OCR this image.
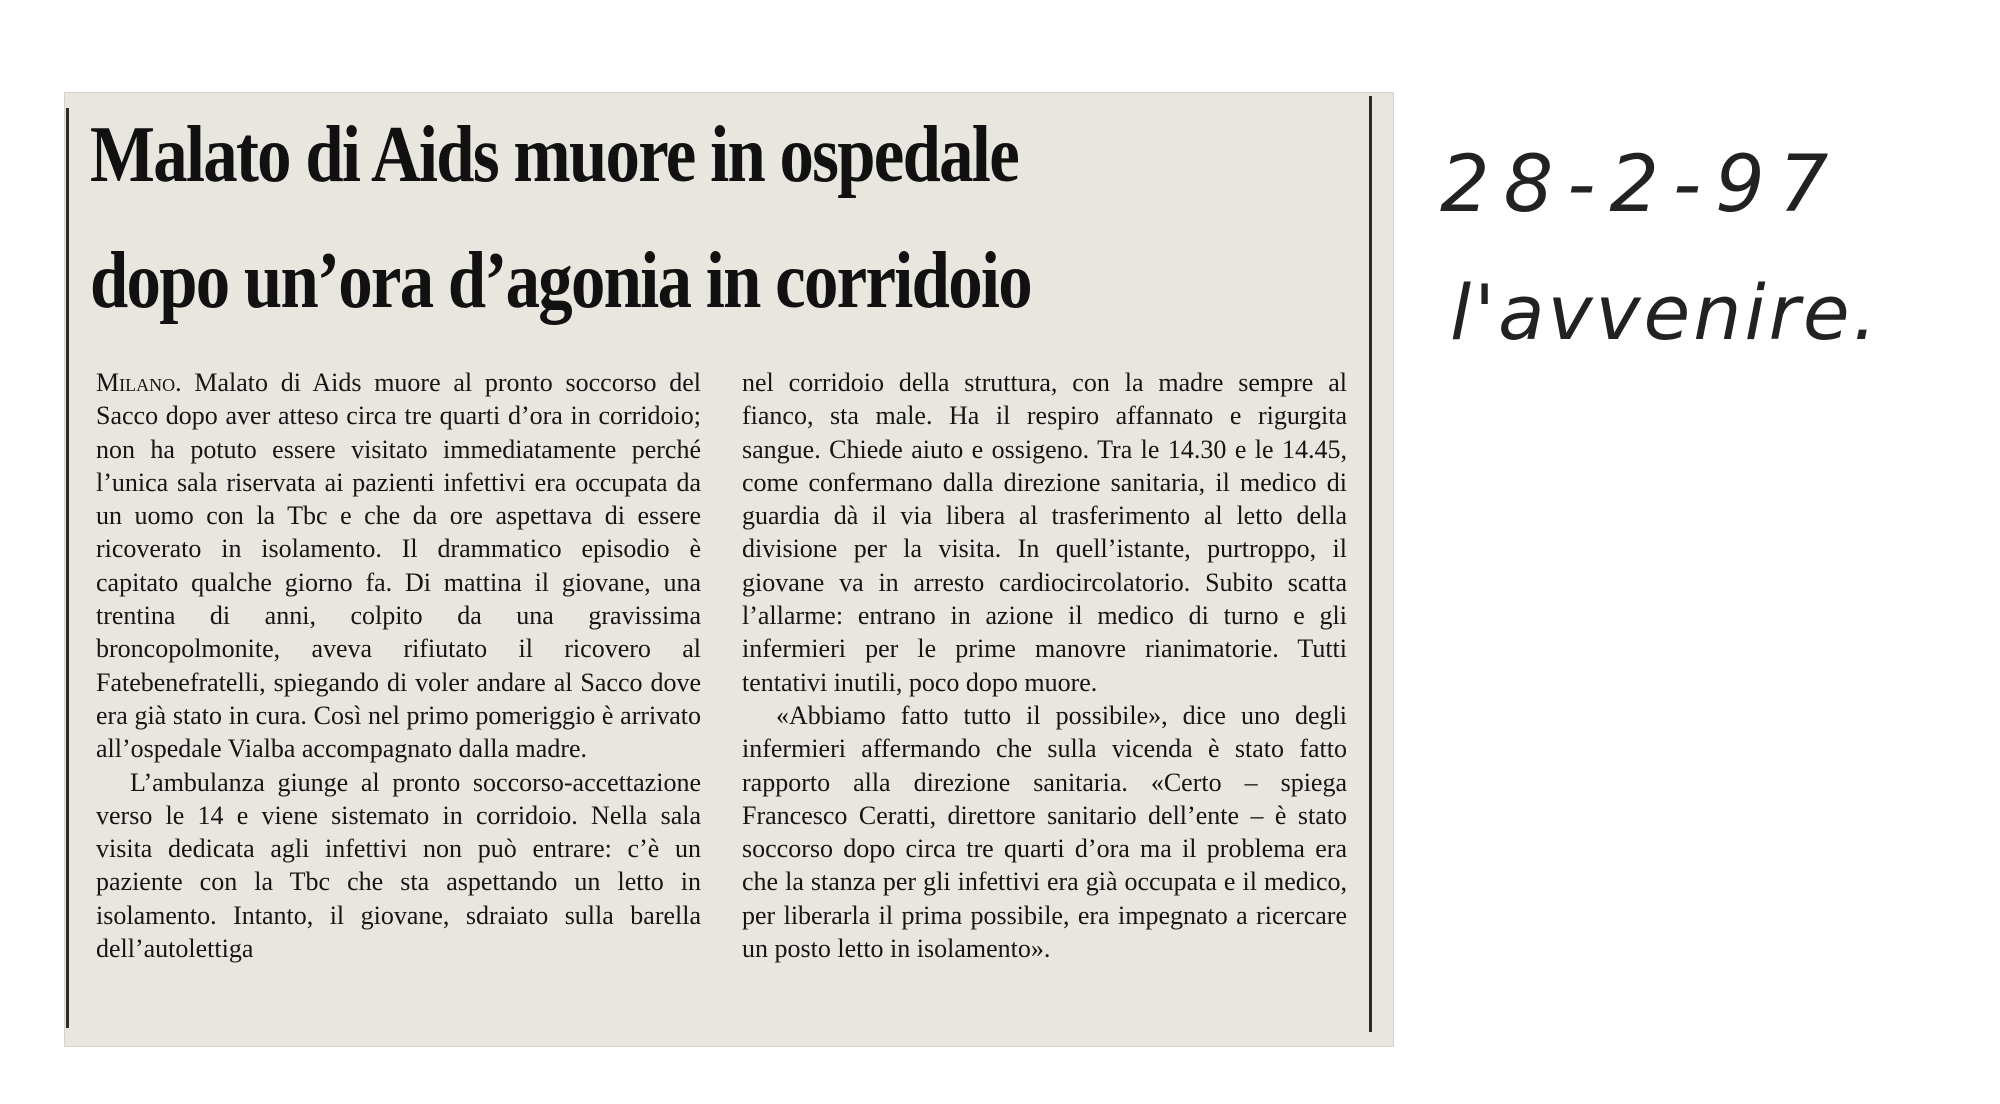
Malato di Aids muore in ospedale
dopo un’ora d’agonia in corridoio

Milano. Malato di Aids muore al pronto soccorso del Sacco dopo aver atteso circa tre quarti d’ora in corridoio; non ha potuto essere visitato immediatamente perché l’unica sala riservata ai pazienti infettivi era occupata da un uomo con la Tbc e che da ore aspettava di essere ricoverato in isolamento. Il drammatico episodio è capitato qualche giorno fa. Di mattina il giovane, una trentina di anni, colpito da una gravissima broncopolmonite, aveva rifiutato il ricovero al Fatebenefratelli, spiegando di voler andare al Sacco dove era già stato in cura. Così nel primo pomeriggio è arrivato all’ospedale Vialba accompagnato dalla madre.

L’ambulanza giunge al pronto soccorso-accettazione verso le 14 e viene sistemato in corridoio. Nella sala visita dedicata agli infettivi non può entrare: c’è un paziente con la Tbc che sta aspettando un letto in isolamento. Intanto, il giovane, sdraiato sulla barella dell’autolettiga

nel corridoio della struttura, con la madre sempre al fianco, sta male. Ha il respiro affannato e rigurgita sangue. Chiede aiuto e ossigeno. Tra le 14.30 e le 14.45, come confermano dalla direzione sanitaria, il medico di guardia dà il via libera al trasferimento al letto della divisione per la visita. In quell’istante, purtroppo, il giovane va in arresto cardiocircolatorio. Subito scatta l’allarme: entrano in azione il medico di turno e gli infermieri per le prime manovre rianimatorie. Tutti tentativi inutili, poco dopo muore.

«Abbiamo fatto tutto il possibile», dice uno degli infermieri affermando che sulla vicenda è stato fatto rapporto alla direzione sanitaria. «Certo – spiega Francesco Ceratti, direttore sanitario dell’ente – è stato soccorso dopo circa tre quarti d’ora ma il problema era che la stanza per gli infettivi era già occupata e il medico, per liberarla il prima possibile, era impegnato a ricercare un posto letto in isolamento».

28-2-97
l'avvenire.
